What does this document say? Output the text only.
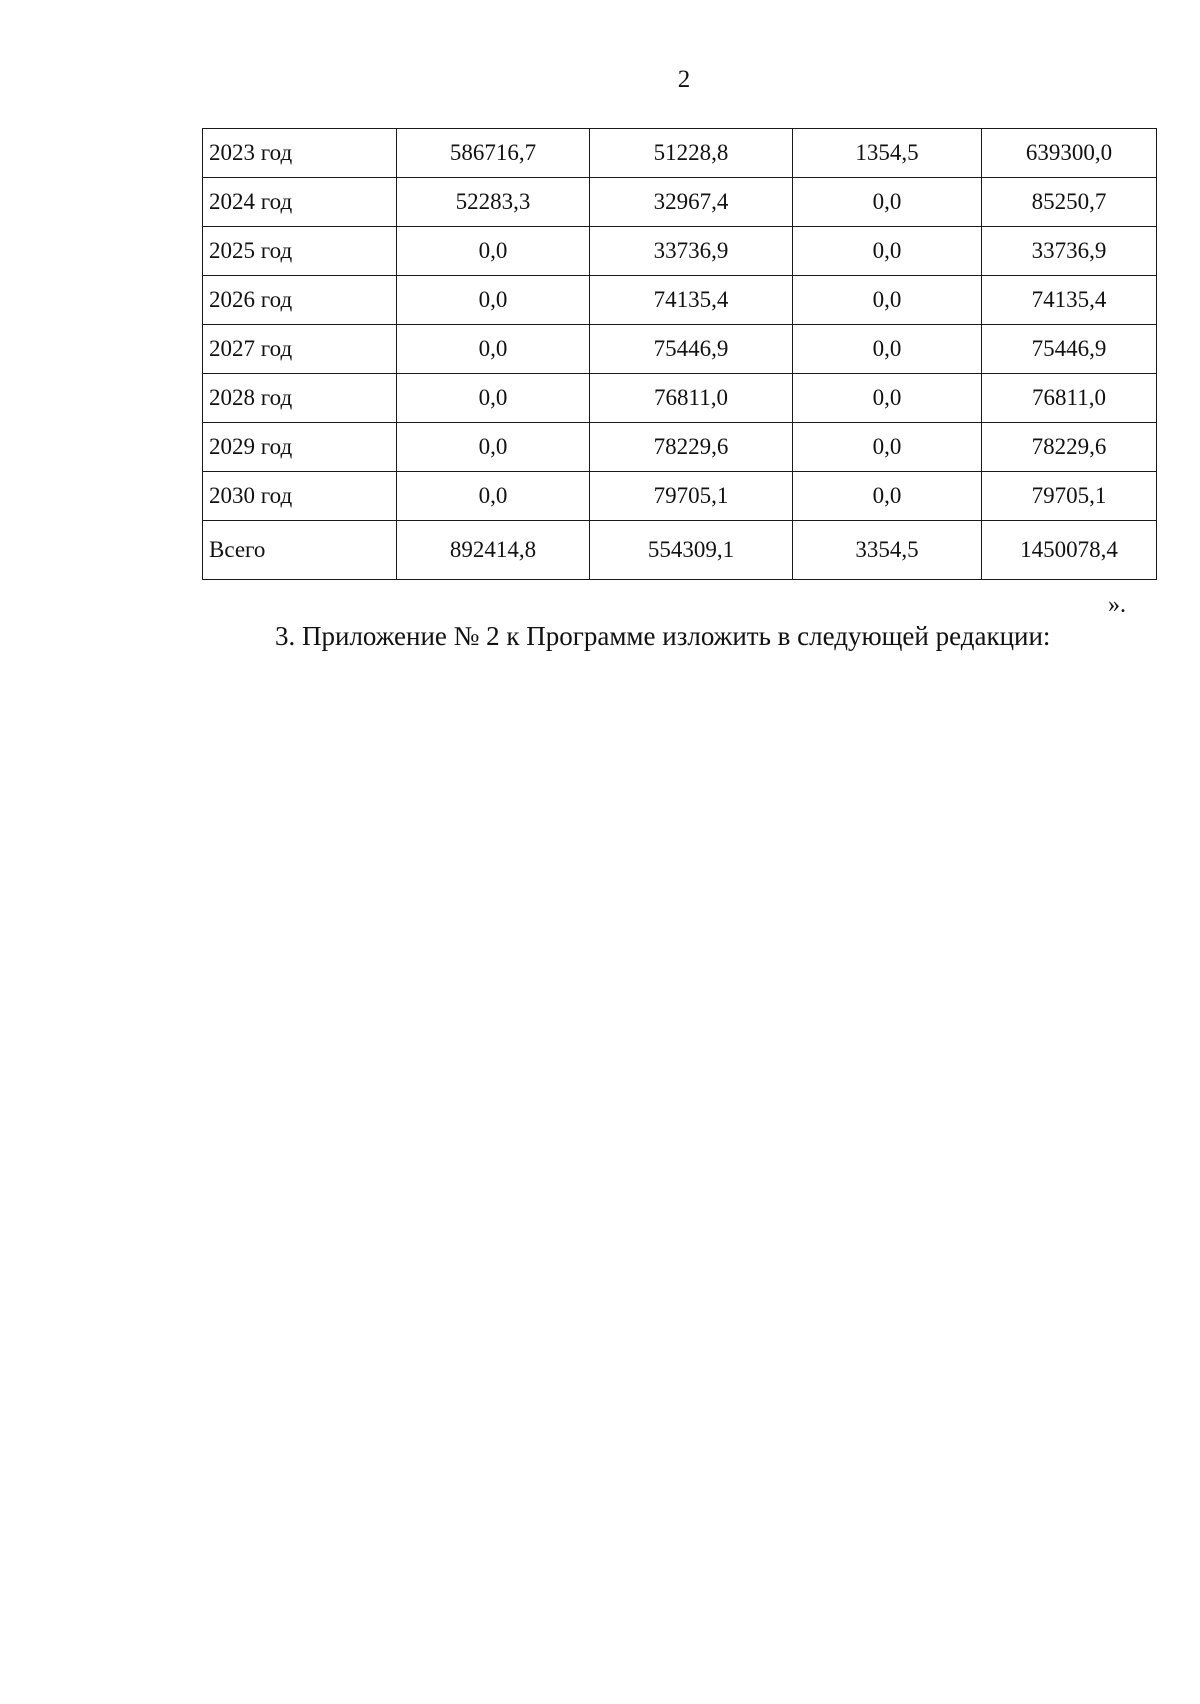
2
2023 год	586716,7	51228,8	1354,5	639300,0
2024 год	52283,3	32967,4	0,0	85250,7
2025 год	0,0	33736,9	0,0	33736,9
2026 год	0,0	74135,4	0,0	74135,4
2027 год	0,0	75446,9	0,0	75446,9
2028 год	0,0	76811,0	0,0	76811,0
2029 год	0,0	78229,6	0,0	78229,6
2030 год	0,0	79705,1	0,0	79705,1
Всего	892414,8	554309,1	3354,5	1450078,4
».
3. Приложение № 2 к Программе изложить в следующей редакции:
